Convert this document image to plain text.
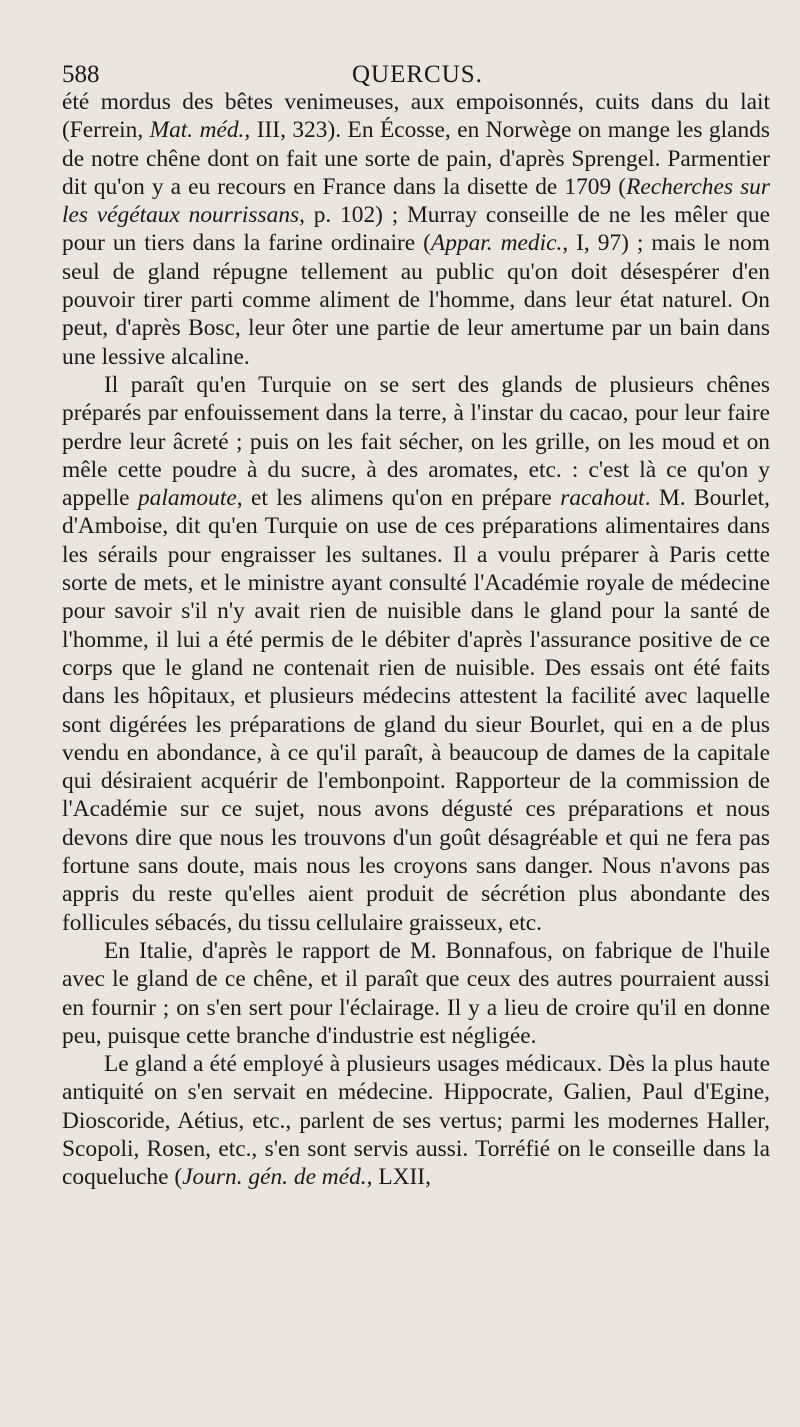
588	QUERCUS.

été mordus des bêtes venimeuses, aux empoisonnés, cuits dans du lait (Ferrein, Mat. méd., III, 323). En Écosse, en Norwège on mange les glands de notre chêne dont on fait une sorte de pain, d'après Sprengel. Parmentier dit qu'on y a eu recours en France dans la disette de 1709 (Recherches sur les végétaux nourrissans, p. 102) ; Murray conseille de ne les mêler que pour un tiers dans la farine ordinaire (Appar. medic., I, 97) ; mais le nom seul de gland répugne tellement au public qu'on doit désespérer d'en pouvoir tirer parti comme aliment de l'homme, dans leur état naturel. On peut, d'après Bosc, leur ôter une partie de leur amertume par un bain dans une lessive alcaline.

Il paraît qu'en Turquie on se sert des glands de plusieurs chênes préparés par enfouissement dans la terre, à l'instar du cacao, pour leur faire perdre leur âcreté ; puis on les fait sécher, on les grille, on les moud et on mêle cette poudre à du sucre, à des aromates, etc. : c'est là ce qu'on y appelle palamoute, et les alimens qu'on en prépare racahout. M. Bourlet, d'Amboise, dit qu'en Turquie on use de ces préparations alimentaires dans les sérails pour engraisser les sultanes. Il a voulu préparer à Paris cette sorte de mets, et le ministre ayant consulté l'Académie royale de médecine pour savoir s'il n'y avait rien de nuisible dans le gland pour la santé de l'homme, il lui a été permis de le débiter d'après l'assurance positive de ce corps que le gland ne contenait rien de nuisible. Des essais ont été faits dans les hôpitaux, et plusieurs médecins attestent la facilité avec laquelle sont digérées les préparations de gland du sieur Bourlet, qui en a de plus vendu en abondance, à ce qu'il paraît, à beaucoup de dames de la capitale qui désiraient acquérir de l'embonpoint. Rapporteur de la commission de l'Académie sur ce sujet, nous avons dégusté ces préparations et nous devons dire que nous les trouvons d'un goût désagréable et qui ne fera pas fortune sans doute, mais nous les croyons sans danger. Nous n'avons pas appris du reste qu'elles aient produit de sécrétion plus abondante des follicules sébacés, du tissu cellulaire graisseux, etc.

En Italie, d'après le rapport de M. Bonnafous, on fabrique de l'huile avec le gland de ce chêne, et il paraît que ceux des autres pourraient aussi en fournir ; on s'en sert pour l'éclairage. Il y a lieu de croire qu'il en donne peu, puisque cette branche d'industrie est négligée.

Le gland a été employé à plusieurs usages médicaux. Dès la plus haute antiquité on s'en servait en médecine. Hippocrate, Galien, Paul d'Egine, Dioscoride, Aétius, etc., parlent de ses vertus; parmi les modernes Haller, Scopoli, Rosen, etc., s'en sont servis aussi. Torréfié on le conseille dans la coqueluche (Journ. gén. de méd., LXII,
